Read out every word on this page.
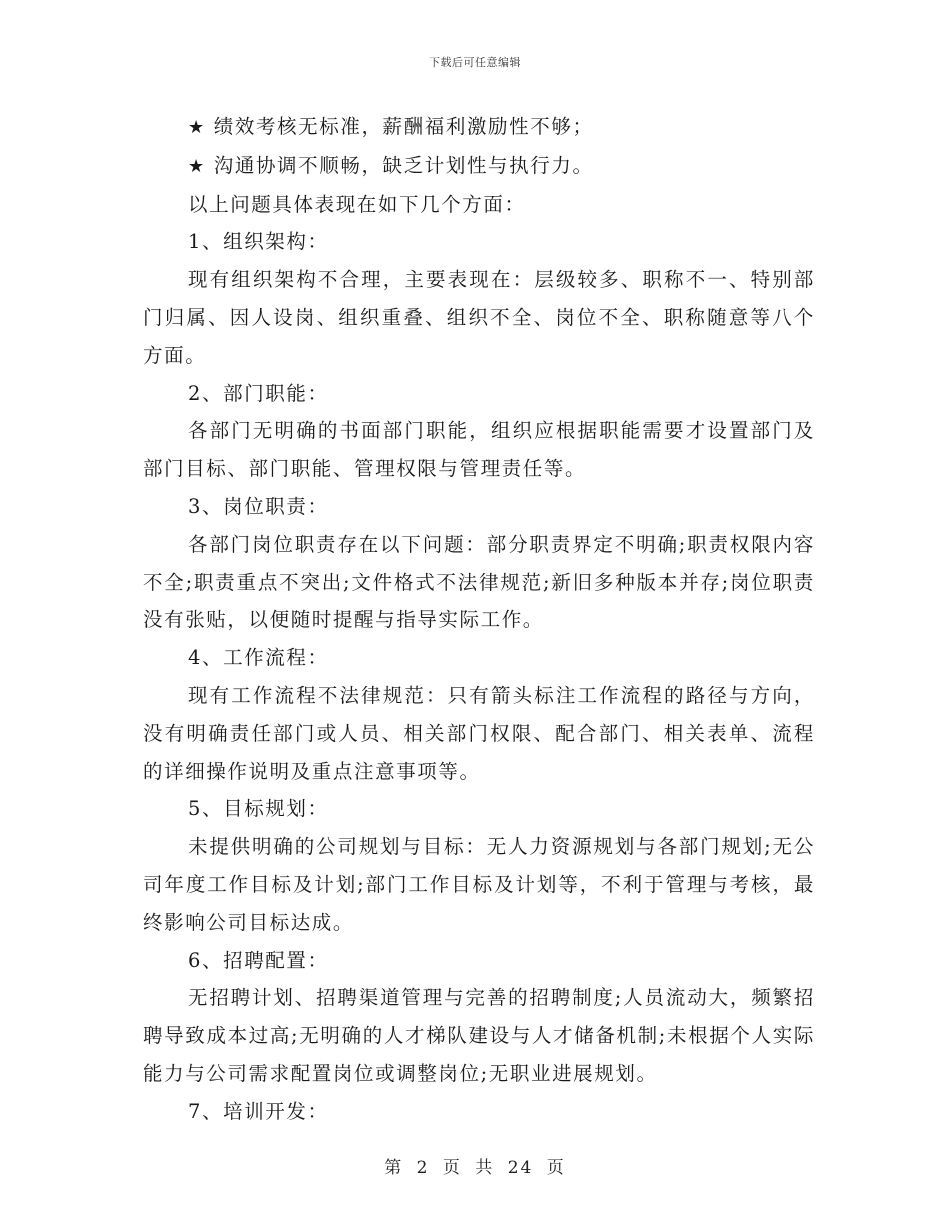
下载后可任意编辑

★ 绩效考核无标准，薪酬福利激励性不够；

★ 沟通协调不顺畅，缺乏计划性与执行力。

以上问题具体表现在如下几个方面：

1、组织架构：

现有组织架构不合理，主要表现在：层级较多、职称不一、特别部门归属、因人设岗、组织重叠、组织不全、岗位不全、职称随意等八个方面。

2、部门职能：

各部门无明确的书面部门职能，组织应根据职能需要才设置部门及部门目标、部门职能、管理权限与管理责任等。

3、岗位职责：

各部门岗位职责存在以下问题：部分职责界定不明确;职责权限内容不全;职责重点不突出;文件格式不法律规范;新旧多种版本并存;岗位职责没有张贴，以便随时提醒与指导实际工作。

4、工作流程：

现有工作流程不法律规范：只有箭头标注工作流程的路径与方向，没有明确责任部门或人员、相关部门权限、配合部门、相关表单、流程的详细操作说明及重点注意事项等。

5、目标规划：

未提供明确的公司规划与目标：无人力资源规划与各部门规划;无公司年度工作目标及计划;部门工作目标及计划等，不利于管理与考核，最终影响公司目标达成。

6、招聘配置：

无招聘计划、招聘渠道管理与完善的招聘制度;人员流动大，频繁招聘导致成本过高;无明确的人才梯队建设与人才储备机制;未根据个人实际能力与公司需求配置岗位或调整岗位;无职业进展规划。

7、培训开发：

第 2 页 共 24 页
